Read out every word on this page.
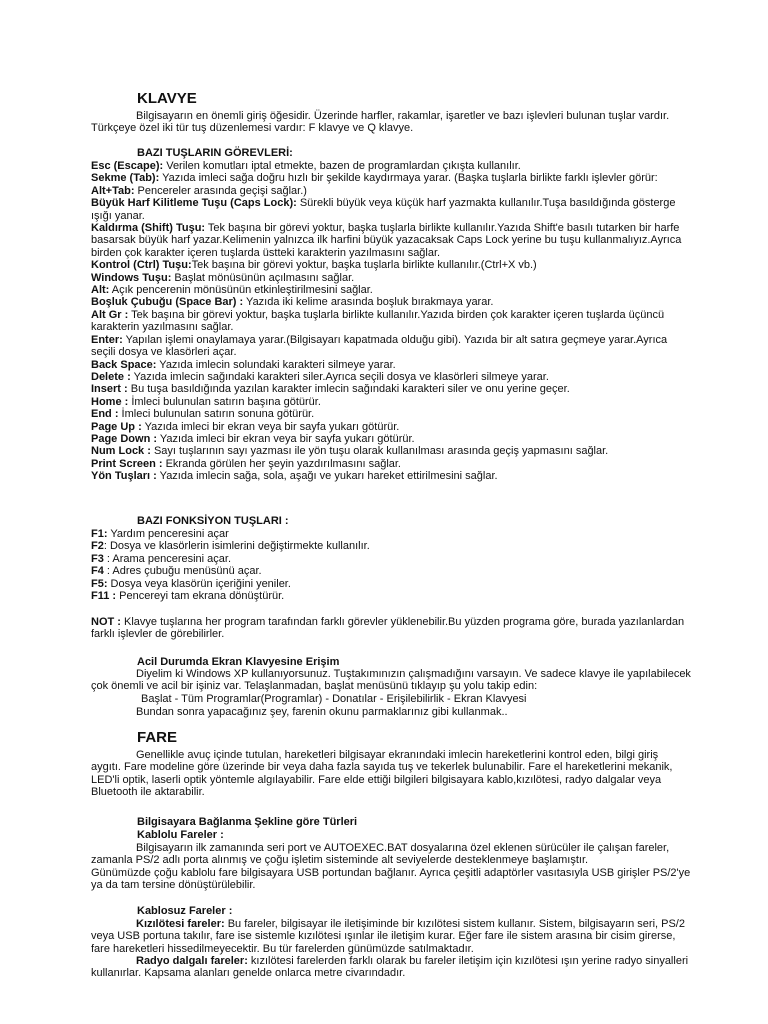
KLAVYE

Bilgisayarın en önemli giriş öğesidir. Üzerinde harfler, rakamlar, işaretler ve bazı işlevleri bulunan tuşlar vardır. Türkçeye özel iki tür tuş düzenlemesi vardır: F klavye ve Q klavye.

BAZI TUŞLARIN GÖREVLERİ:

Esc (Escape): Verilen komutları iptal etmekte, bazen de programlardan çıkışta kullanılır.

Sekme (Tab): Yazıda imleci sağa doğru hızlı bir şekilde kaydırmaya yarar. (Başka tuşlarla birlikte farklı işlevler görür:

Alt+Tab: Pencereler arasında geçişi sağlar.)

Büyük Harf Kilitleme Tuşu (Caps Lock): Sürekli büyük veya küçük harf yazmakta kullanılır.Tuşa basıldığında gösterge ışığı yanar.

Kaldırma (Shift) Tuşu: Tek başına bir görevi yoktur, başka tuşlarla birlikte kullanılır.Yazıda Shift'e basılı tutarken bir harfe basarsak büyük harf yazar.Kelimenin yalnızca ilk harfini büyük yazacaksak Caps Lock yerine bu tuşu kullanmalıyız.Ayrıca birden çok karakter içeren tuşlarda üstteki karakterin yazılmasını sağlar.

Kontrol (Ctrl) Tuşu:Tek başına bir görevi yoktur, başka tuşlarla birlikte kullanılır.(Ctrl+X vb.)

Windows Tuşu: Başlat mönüsünün açılmasını sağlar.

Alt: Açık pencerenin mönüsünün etkinleştirilmesini sağlar.

Boşluk Çubuğu (Space Bar) : Yazıda iki kelime arasında boşluk bırakmaya yarar.

Alt Gr : Tek başına bir görevi yoktur, başka tuşlarla birlikte kullanılır.Yazıda birden çok karakter içeren tuşlarda üçüncü karakterin yazılmasını sağlar.

Enter: Yapılan işlemi onaylamaya yarar.(Bilgisayarı kapatmada olduğu gibi). Yazıda bir alt satıra geçmeye yarar.Ayrıca seçili dosya ve klasörleri açar.

Back Space: Yazıda imlecin solundaki karakteri silmeye yarar.

Delete : Yazıda imlecin sağındaki karakteri siler.Ayrıca seçili dosya ve klasörleri silmeye yarar.

Insert : Bu tuşa basıldığında yazılan karakter imlecin sağındaki karakteri siler ve onu yerine geçer.

Home : İmleci bulunulan satırın başına götürür.

End : İmleci bulunulan satırın sonuna götürür.

Page Up : Yazıda imleci bir ekran veya bir sayfa yukarı götürür.

Page Down : Yazıda imleci bir ekran veya bir sayfa yukarı götürür.

Num Lock : Sayı tuşlarının sayı yazması ile yön tuşu olarak kullanılması arasında geçiş yapmasını sağlar.

Print Screen : Ekranda görülen her şeyin yazdırılmasını sağlar.

Yön Tuşları : Yazıda imlecin sağa, sola, aşağı ve yukarı hareket ettirilmesini sağlar.

BAZI FONKSİYON TUŞLARI :

F1: Yardım penceresini açar

F2: Dosya ve klasörlerin isimlerini değiştirmekte kullanılır.

F3 : Arama penceresini açar.

F4 : Adres çubuğu menüsünü açar.

F5: Dosya veya klasörün içeriğini yeniler.

F11 : Pencereyi tam ekrana dönüştürür.

NOT : Klavye tuşlarına her program tarafından farklı görevler yüklenebilir.Bu yüzden programa göre, burada yazılanlardan farklı işlevler de görebilirler.

Acil Durumda Ekran Klavyesine Erişim

Diyelim ki Windows XP kullanıyorsunuz. Tuştakımınızın çalışmadığını varsayın. Ve sadece klavye ile yapılabilecek çok önemli ve acil bir işiniz var. Telaşlanmadan, başlat menüsünü tıklayıp şu yolu takip edin:

Başlat - Tüm Programlar(Programlar) - Donatılar - Erişilebilirlik - Ekran Klavyesi

Bundan sonra yapacağınız şey, farenin okunu parmaklarınız gibi kullanmak..

FARE

Genellikle avuç içinde tutulan, hareketleri bilgisayar ekranındaki imlecin hareketlerini kontrol eden, bilgi giriş aygıtı. Fare modeline göre üzerinde bir veya daha fazla sayıda tuş ve tekerlek bulunabilir. Fare el hareketlerini mekanik, LED'li optik, laserli optik yöntemle algılayabilir. Fare elde ettiği bilgileri bilgisayara kablo,kızılötesi, radyo dalgalar veya Bluetooth ile aktarabilir.

Bilgisayara Bağlanma Şekline göre Türleri
Kablolu Fareler :

Bilgisayarın ilk zamanında seri port ve AUTOEXEC.BAT dosyalarına özel eklenen sürücüler ile çalışan fareler, zamanla PS/2 adlı porta alınmış ve çoğu işletim sisteminde alt seviyelerde desteklenmeye başlamıştır.

Günümüzde çoğu kablolu fare bilgisayara USB portundan bağlanır. Ayrıca çeşitli adaptörler vasıtasıyla USB girişler PS/2'ye ya da tam tersine dönüştürülebilir.

Kablosuz Fareler :

Kızılötesi fareler: Bu fareler, bilgisayar ile iletişiminde bir kızılötesi sistem kullanır. Sistem, bilgisayarın seri, PS/2 veya USB portuna takılır, fare ise sistemle kızılötesi ışınlar ile iletişim kurar. Eğer fare ile sistem arasına bir cisim girerse, fare hareketleri hissedilmeyecektir. Bu tür farelerden günümüzde satılmaktadır.

Radyo dalgalı fareler: kızılötesi farelerden farklı olarak bu fareler iletişim için kızılötesi ışın yerine radyo sinyalleri kullanırlar. Kapsama alanları genelde onlarca metre civarındadır.
